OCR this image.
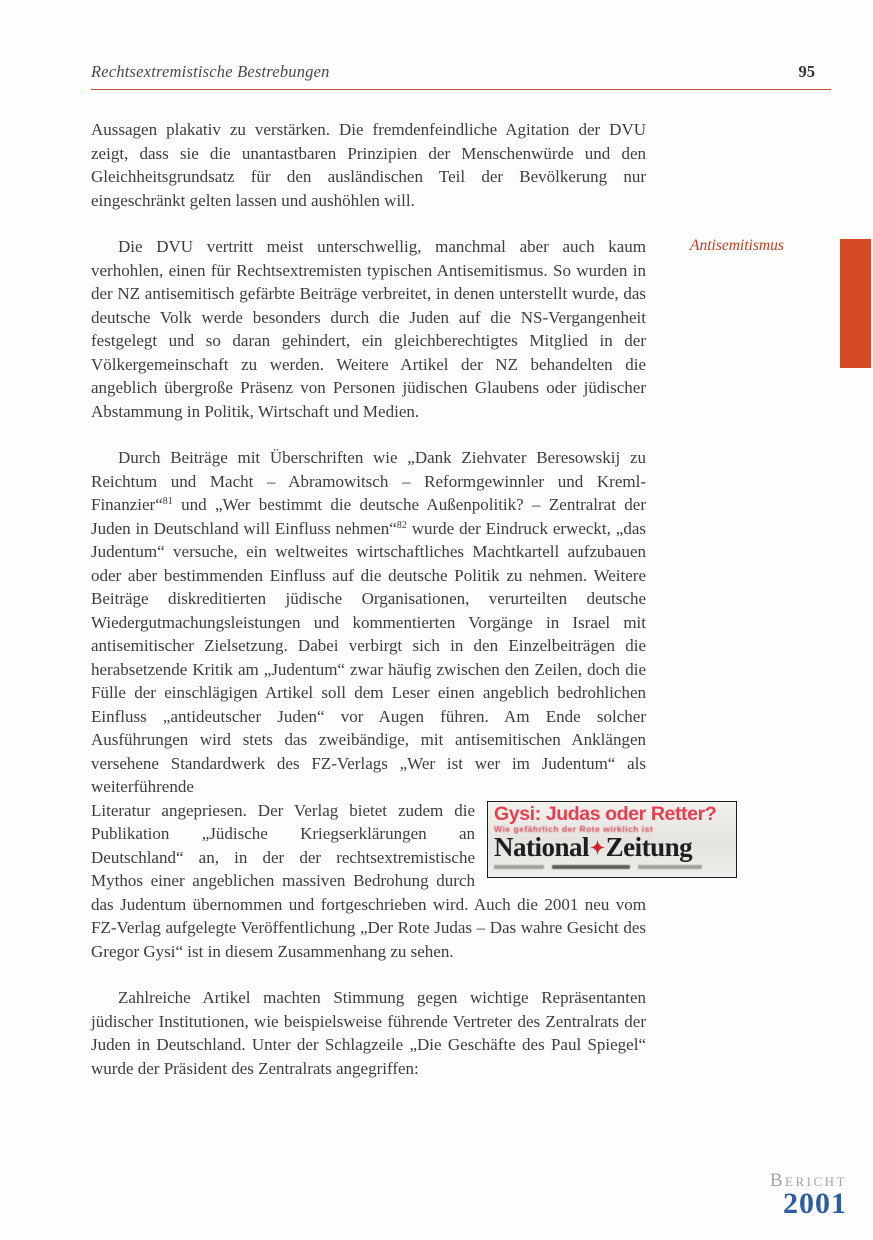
Rechtsextremistische Bestrebungen	95
Antisemitismus

Aussagen plakativ zu verstärken. Die fremdenfeindliche Agitation der DVU zeigt, dass sie die unantastbaren Prinzipien der Menschenwürde und den Gleichheitsgrundsatz für den ausländischen Teil der Bevölkerung nur eingeschränkt gelten lassen und aushöhlen will.

Die DVU vertritt meist unterschwellig, manchmal aber auch kaum verhohlen, einen für Rechtsextremisten typischen Antisemitismus. So wurden in der NZ antisemitisch gefärbte Beiträge verbreitet, in denen unterstellt wurde, das deutsche Volk werde besonders durch die Juden auf die NS-Vergangenheit festgelegt und so daran gehindert, ein gleichberechtigtes Mitglied in der Völkergemeinschaft zu werden. Weitere Artikel der NZ behandelten die angeblich übergroße Präsenz von Personen jüdischen Glaubens oder jüdischer Abstammung in Politik, Wirtschaft und Medien.

Durch Beiträge mit Überschriften wie „Dank Ziehvater Beresowskij zu Reichtum und Macht – Abramowitsch – Reformgewinnler und Kreml-Finanzier“$^{81}$ und „Wer bestimmt die deutsche Außenpolitik? – Zentralrat der Juden in Deutschland will Einfluss nehmen“$^{82}$ wurde der Eindruck erweckt, „das Judentum“ versuche, ein weltweites wirtschaftliches Machtkartell aufzubauen oder aber bestimmenden Einfluss auf die deutsche Politik zu nehmen. Weitere Beiträge diskreditierten jüdische Organisationen, verurteilten deutsche Wiedergutmachungsleistungen und kommentierten Vorgänge in Israel mit antisemitischer Zielsetzung. Dabei verbirgt sich in den Einzelbeiträgen die herabsetzende Kritik am „Judentum“ zwar häufig zwischen den Zeilen, doch die Fülle der einschlägigen Artikel soll dem Leser einen angeblich bedrohlichen Einfluss „antideutscher Juden“ vor Augen führen. Am Ende solcher Ausführungen wird stets das zweibändige, mit antisemitischen Anklängen versehene Standardwerk des FZ-Verlags „Wer ist wer im Judentum“ als weiterführende

Gysi: Judas oder Retter?
Wie gefährlich der Rote wirklich ist
National✦Zeitung
Literatur angepriesen. Der Verlag bietet zudem die Publikation „Jüdische Kriegserklärungen an Deutschland“ an, in der der rechtsextremistische Mythos einer angeblichen massiven Bedrohung durch das Judentum übernommen und fortgeschrieben wird. Auch die 2001 neu vom FZ-Verlag aufgelegte Veröffentlichung „Der Rote Judas – Das wahre Gesicht des Gregor Gysi“ ist in diesem Zusammenhang zu sehen.

Zahlreiche Artikel machten Stimmung gegen wichtige Repräsentanten jüdischer Institutionen, wie beispielsweise führende Vertreter des Zentralrats der Juden in Deutschland. Unter der Schlagzeile „Die Geschäfte des Paul Spiegel“ wurde der Präsident des Zentralrats angegriffen:

Bericht
2001
